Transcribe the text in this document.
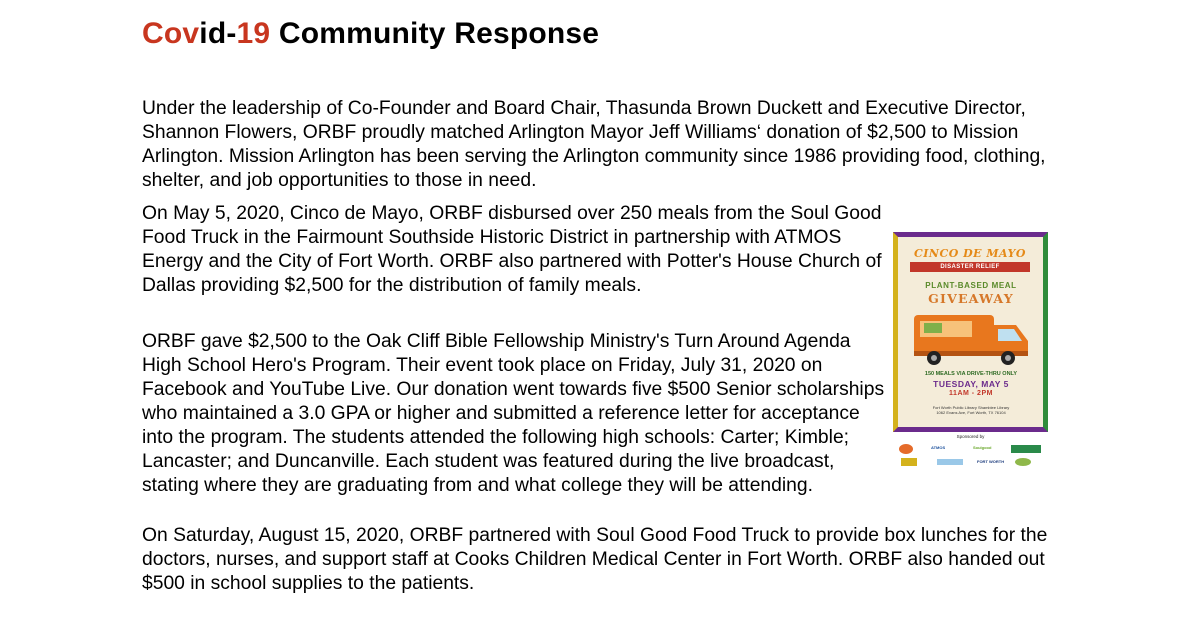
Covid-19 Community Response

Under the leadership of Co-Founder and Board Chair, Thasunda Brown Duckett and Executive Director, Shannon Flowers, ORBF proudly matched Arlington Mayor Jeff Williams‘ donation of $2,500 to Mission Arlington. Mission Arlington has been serving the Arlington community since 1986 providing food, clothing, shelter, and job opportunities to those in need.

On May 5, 2020, Cinco de Mayo, ORBF disbursed over 250 meals from the Soul Good Food Truck in the Fairmount Southside Historic District in partnership with ATMOS Energy and the City of Fort Worth. ORBF also partnered with Potter's House Church of Dallas providing $2,500 for the distribution of family meals.

ORBF gave $2,500 to the Oak Cliff Bible Fellowship Ministry's Turn Around Agenda High School Hero's Program. Their event took place on Friday, July 31, 2020 on Facebook and YouTube Live. Our donation went towards five $500 Senior scholarships who maintained a 3.0 GPA or higher and submitted a reference letter for acceptance into the program. The students attended the following high schools: Carter; Kimble; Lancaster; and Duncanville. Each student was featured during the live broadcast, stating where they are graduating from and what college they will be attending.

On Saturday, August 15, 2020, ORBF partnered with Soul Good Food Truck to provide box lunches for the doctors, nurses, and support staff at Cooks Children Medical Center in Fort Worth. ORBF also handed out $500 in school supplies to the patients.

CINCO DE MAYO
DISASTER RELIEF
PLANT-BASED MEAL
GIVEAWAY
150 MEALS VIA DRIVE-THRU ONLY
TUESDAY, MAY 5
11AM - 2PM
Fort Worth Public Library Shamblee Library
1062 Evans Ave, Fort Worth, TX 76104
Sponsored by
ATMOS	Soulgood
FORT WORTH
